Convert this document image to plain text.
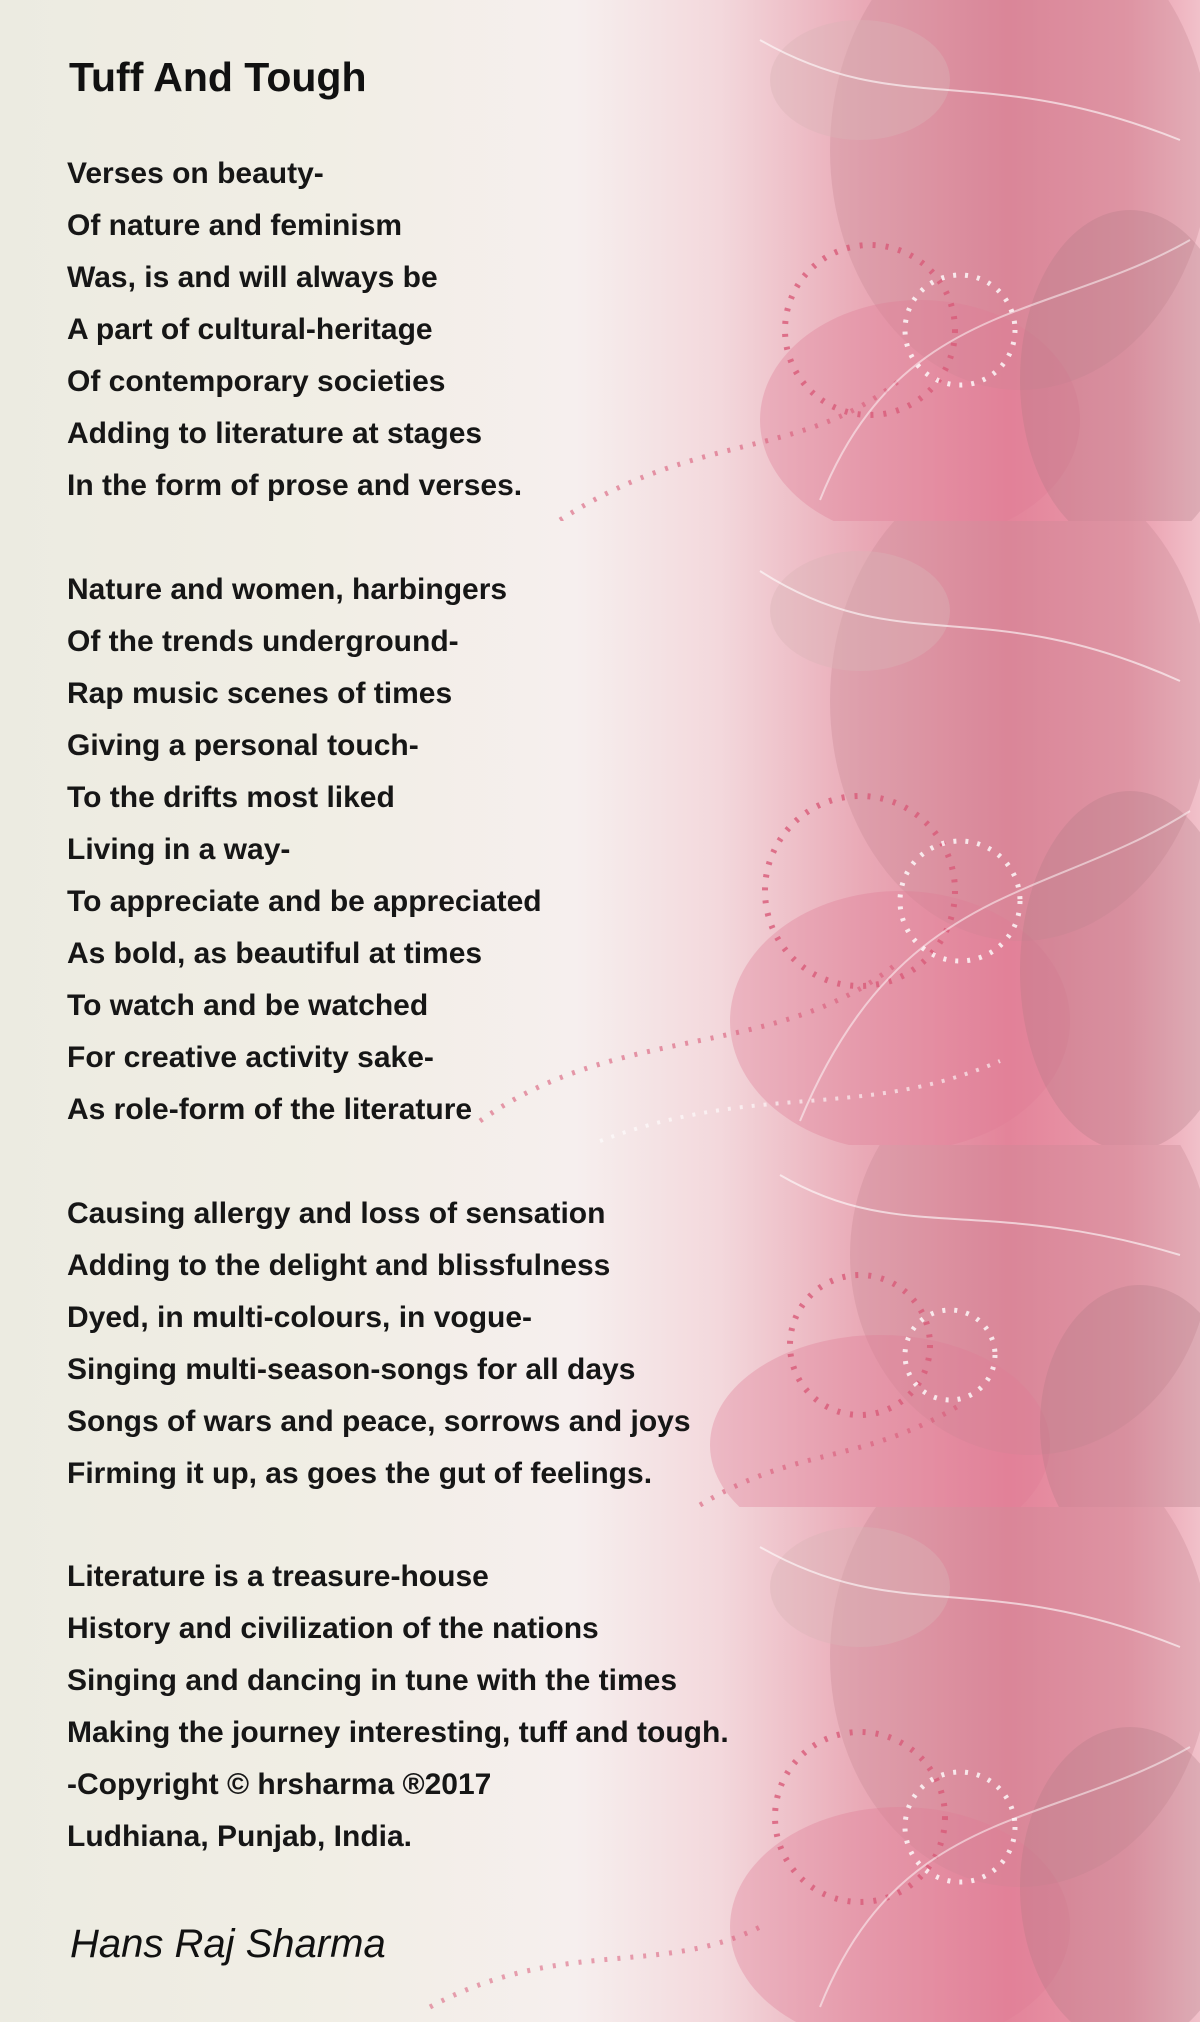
Tuff And Tough
Verses on beauty-
Of nature and feminism
Was, is and will always be
A part of cultural-heritage
Of contemporary societies
Adding to literature at stages
In the form of prose and verses.
Nature and women, harbingers
Of the trends underground-
Rap music scenes of times
Giving a personal touch-
To the drifts most liked
Living in a way-
To appreciate and be appreciated
As bold, as beautiful at times
To watch and be watched
For creative activity sake-
As role-form of the literature
Causing allergy and loss of sensation
Adding to the delight and blissfulness
Dyed, in multi-colours, in vogue-
Singing multi-season-songs for all days
Songs of wars and peace, sorrows and joys
Firming it up, as goes the gut of feelings.
Literature is a treasure-house
History and civilization of the nations
Singing and dancing in tune with the times
Making the journey interesting, tuff and tough.
-Copyright © hrsharma ®2017
Ludhiana, Punjab, India.

Hans Raj Sharma
